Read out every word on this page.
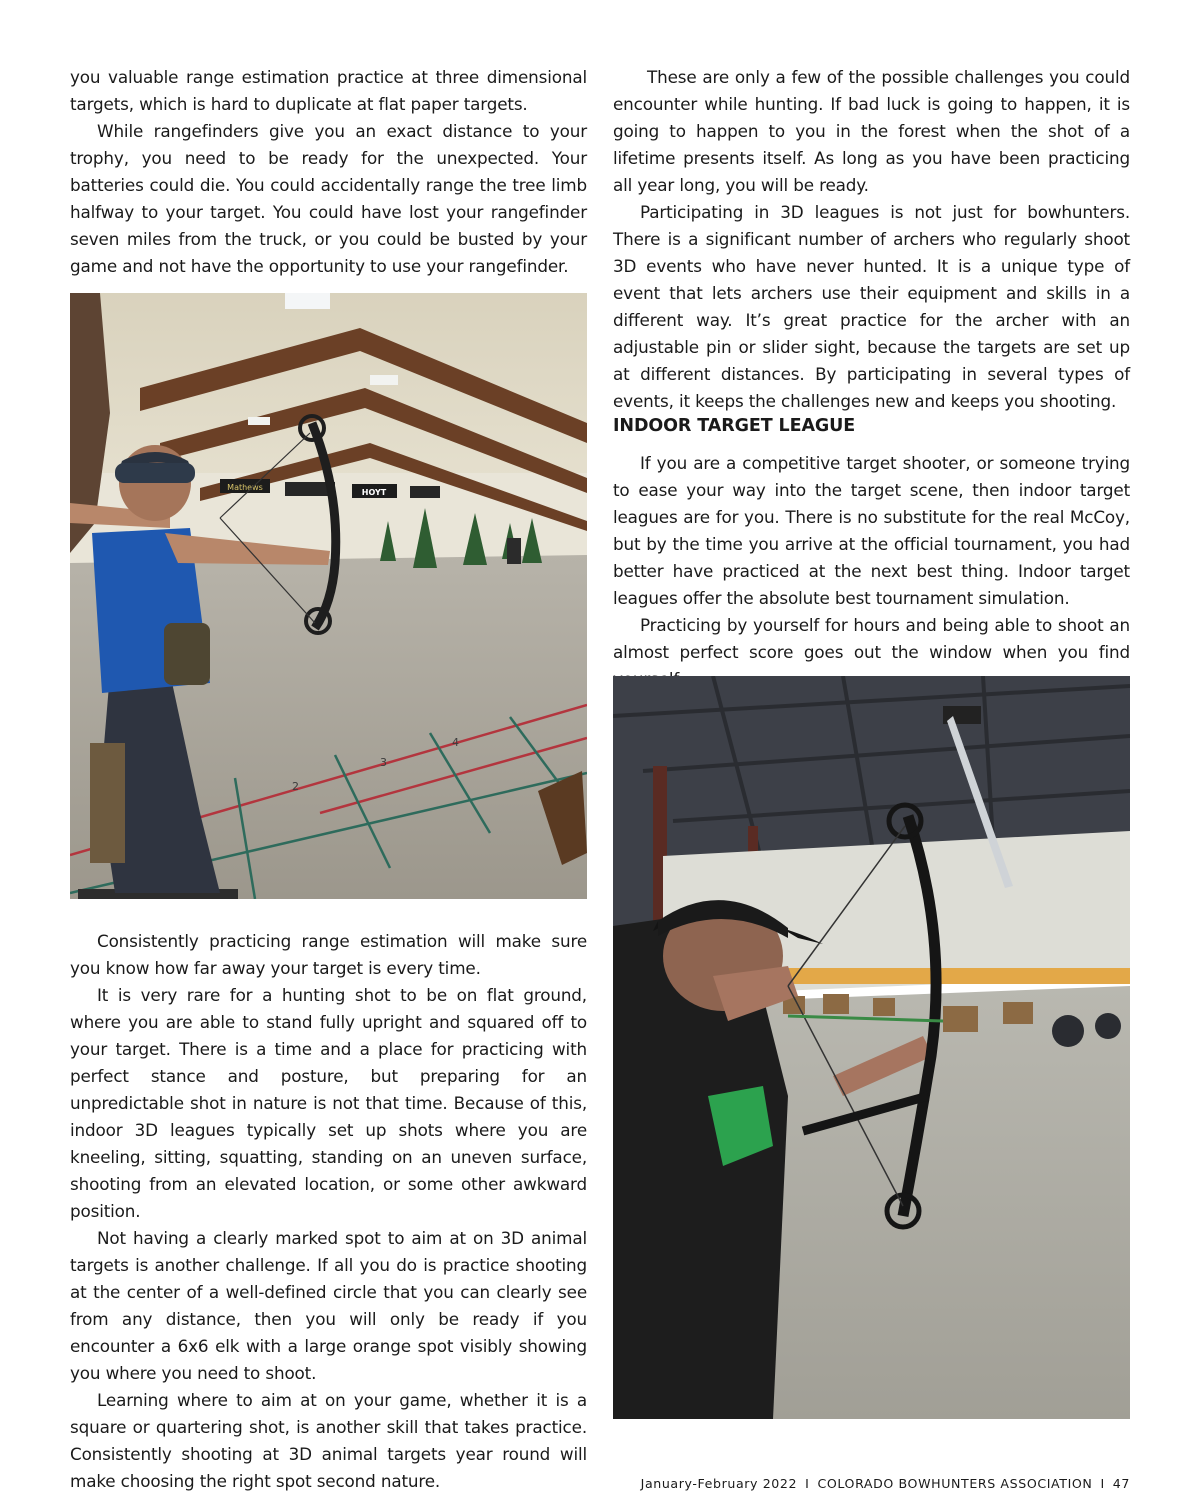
you valuable range estimation practice at three dimensional targets, which is hard to duplicate at flat paper targets.

While rangefinders give you an exact distance to your trophy, you need to be ready for the unexpected. Your batteries could die. You could accidentally range the tree limb halfway to your target. You could have lost your rangefinder seven miles from the truck, or you could be busted by your game and not have the opportunity to use your rangefinder.

Mathews
HOYT
2
3
4

Consistently practicing range estimation will make sure you know how far away your target is every time.

It is very rare for a hunting shot to be on flat ground, where you are able to stand fully upright and squared off to your target. There is a time and a place for practicing with perfect stance and posture, but preparing for an unpredictable shot in nature is not that time. Because of this, indoor 3D leagues typically set up shots where you are kneeling, sitting, squatting, standing on an uneven surface, shooting from an elevated location, or some other awkward position.

Not having a clearly marked spot to aim at on 3D animal targets is another challenge. If all you do is practice shooting at the center of a well-defined circle that you can clearly see from any distance, then you will only be ready if you encounter a 6x6 elk with a large orange spot visibly showing you where you need to shoot.

Learning where to aim at on your game, whether it is a square or quartering shot, is another skill that takes practice. Consistently shooting at 3D animal targets year round will make choosing the right spot second nature.

These are only a few of the possible challenges you could encounter while hunting. If bad luck is going to happen, it is going to happen to you in the forest when the shot of a lifetime presents itself. As long as you have been practicing all year long, you will be ready.

Participating in 3D leagues is not just for bowhunters. There is a significant number of archers who regularly shoot 3D events who have never hunted. It is a unique type of event that lets archers use their equipment and skills in a different way. It’s great practice for the archer with an adjustable pin or slider sight, because the targets are set up at different distances. By participating in several types of events, it keeps the challenges new and keeps you shooting.

INDOOR TARGET LEAGUE

If you are a competitive target shooter, or someone trying to ease your way into the target scene, then indoor target leagues are for you. There is no substitute for the real McCoy, but by the time you arrive at the official tournament, you had better have practiced at the next best thing. Indoor target leagues offer the absolute best tournament simulation.

Practicing by yourself for hours and being able to shoot an almost perfect score goes out the window when you find

January-February 2022 I COLORADO BOWHUNTERS ASSOCIATION I 47
